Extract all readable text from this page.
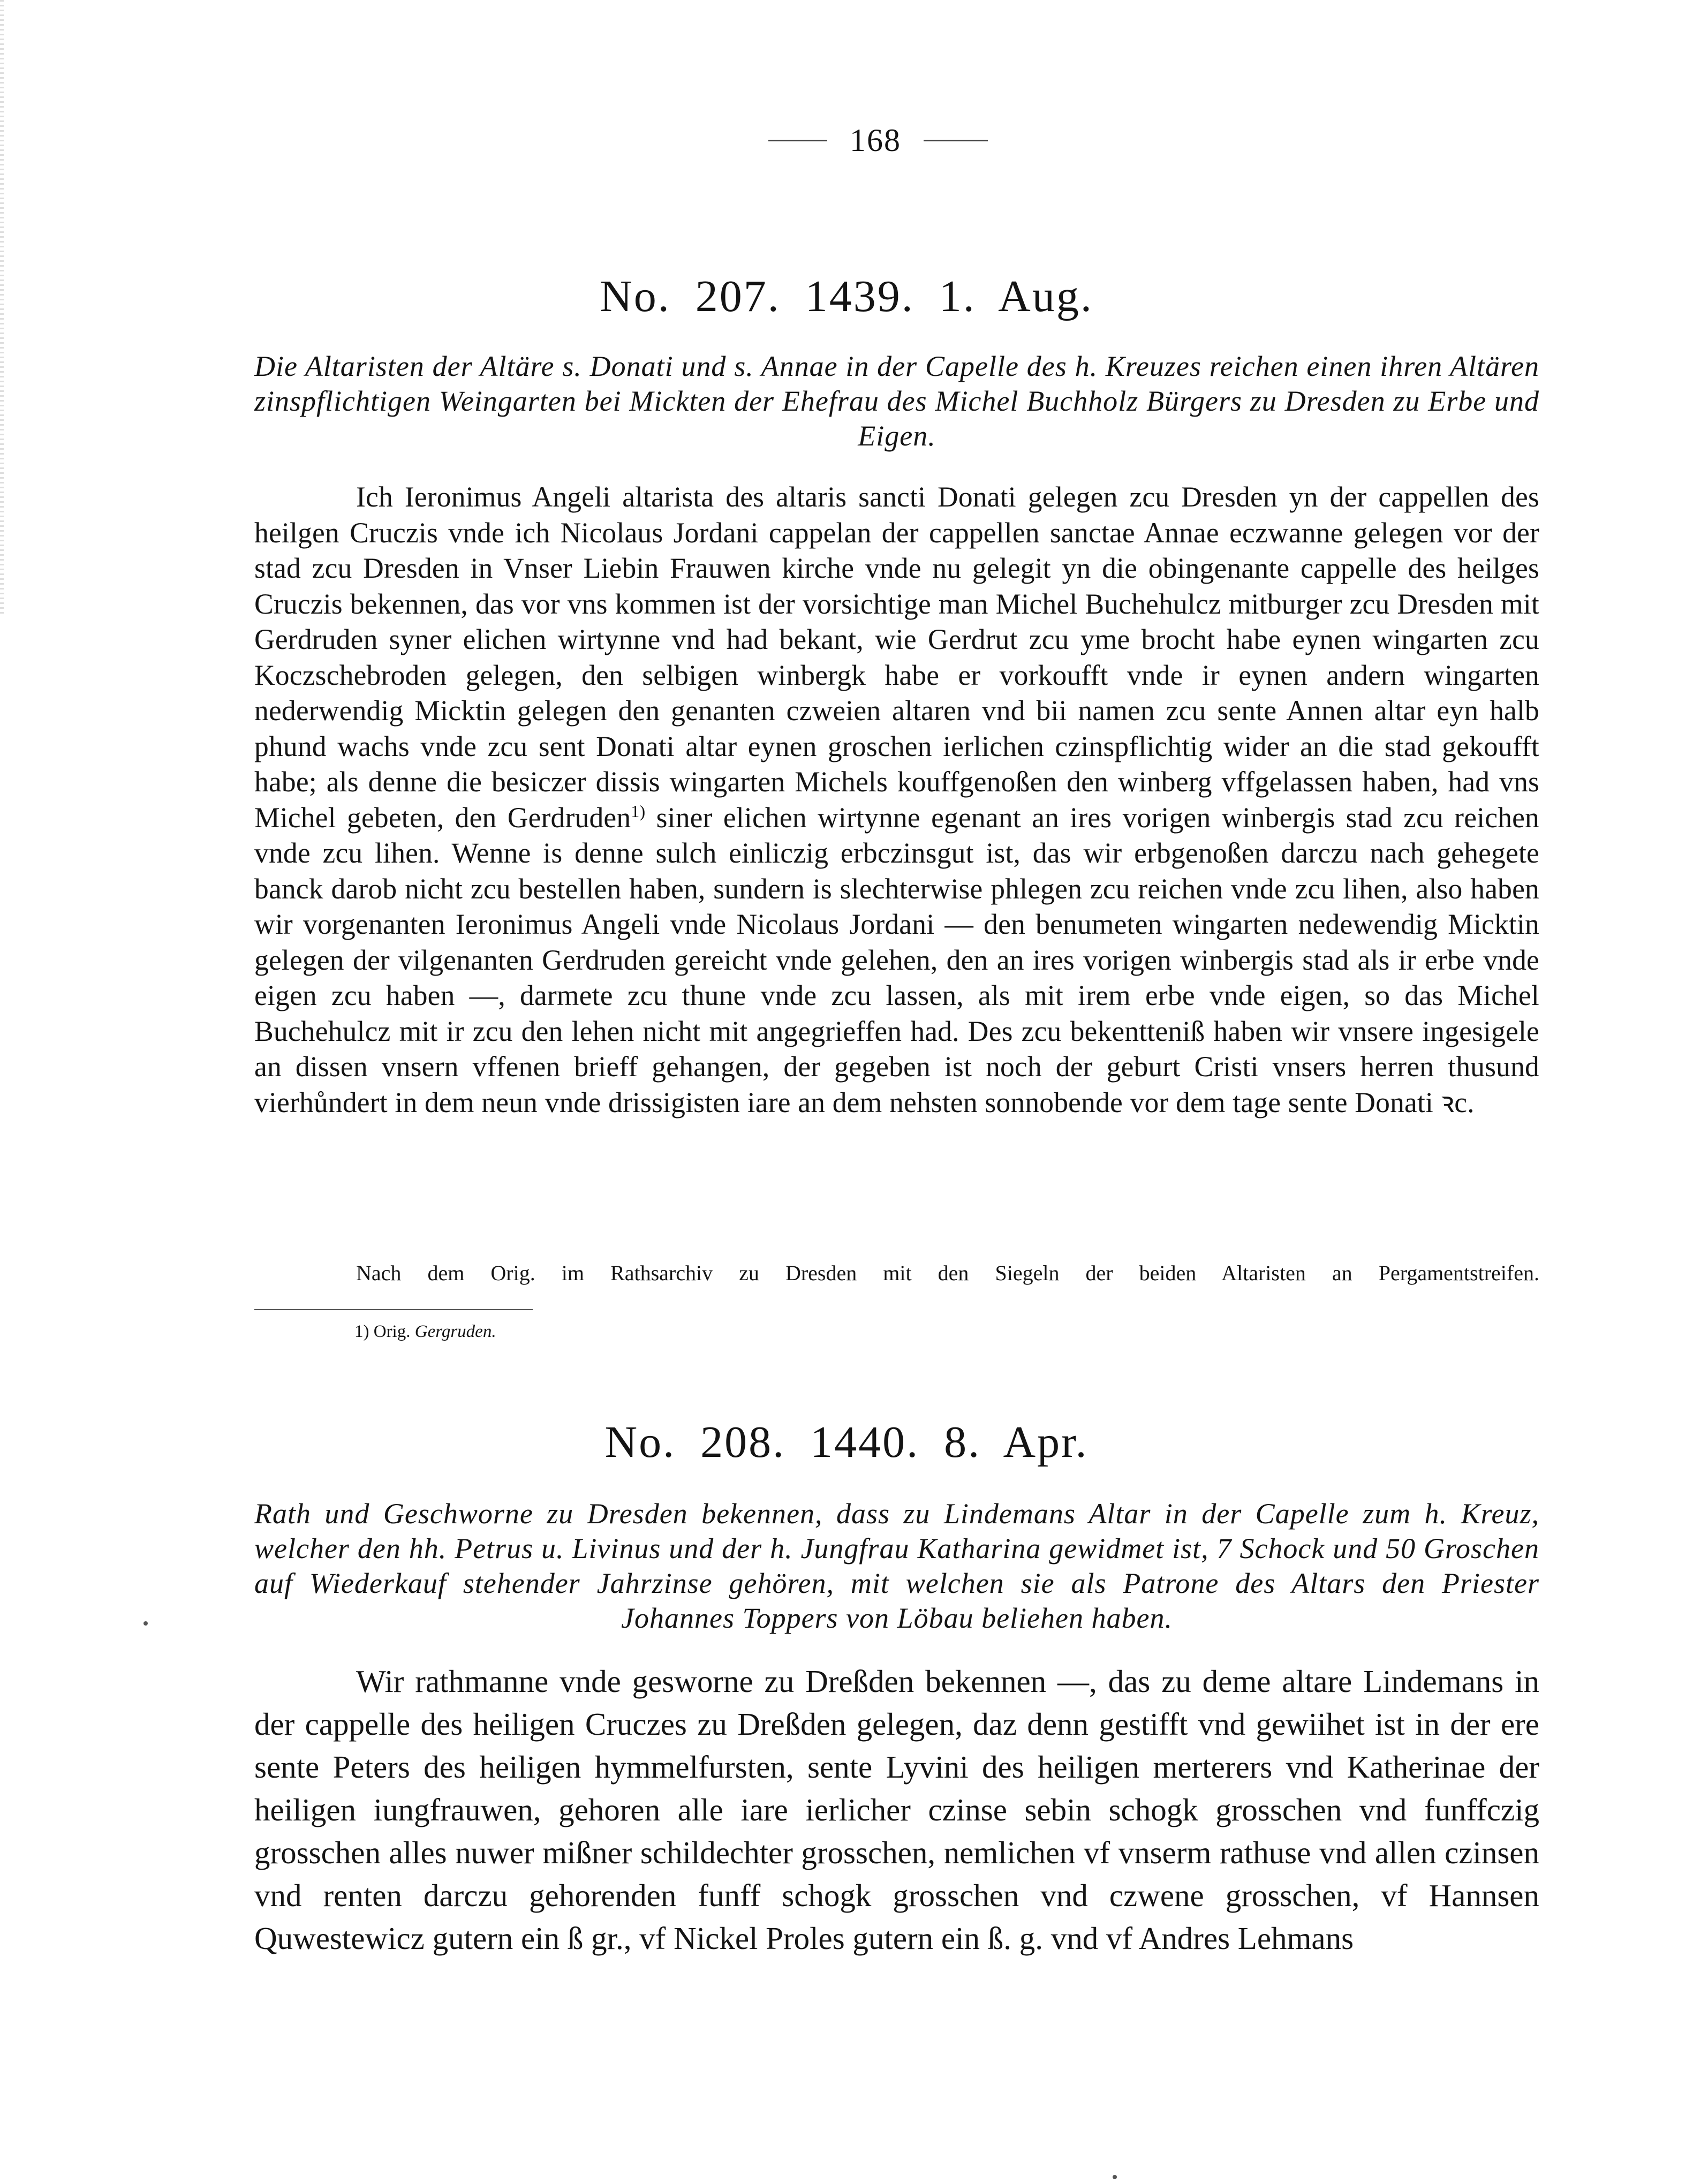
168
No. 207. 1439. 1. Aug.
Die Altaristen der Altäre s. Donati und s. Annae in der Capelle des h. Kreuzes reichen einen ihren Altären zinspflichtigen Weingarten bei Mickten der Ehefrau des Michel Buchholz Bürgers zu Dresden zu Erbe und Eigen.
Ich Ieronimus Angeli altarista des altaris sancti Donati gelegen zcu Dresden yn der cappellen des heilgen Cruczis vnde ich Nicolaus Jordani cappelan der cappellen sanctae Annae eczwanne gelegen vor der stad zcu Dresden in Vnser Liebin Frauwen kirche vnde nu gelegit yn die obingenante cappelle des heilges Cruczis bekennen, das vor vns kommen ist der vorsichtige man Michel Buchehulcz mitburger zcu Dresden mit Gerdruden syner elichen wirtynne vnd had bekant, wie Gerdrut zcu yme brocht habe eynen wingarten zcu Koczschebroden gelegen, den selbigen winbergk habe er vorkoufft vnde ir eynen andern wingarten nederwendig Micktin gelegen den genanten czweien altaren vnd bii namen zcu sente Annen altar eyn halb phund wachs vnde zcu sent Donati altar eynen groschen ierlichen czinspflichtig wider an die stad gekoufft habe; als denne die besiczer dissis wingarten Michels kouffgenoßen den winberg vffgelassen haben, had vns Michel gebeten, den Gerdruden$^{1)}$ siner elichen wirtynne egenant an ires vorigen winbergis stad zcu reichen vnde zcu lihen. Wenne is denne sulch einliczig erbczinsgut ist, das wir erbgenoßen darczu nach gehegete banck darob nicht zcu bestellen haben, sundern is slechterwise phlegen zcu reichen vnde zcu lihen, also haben wir vorgenanten Ieronimus Angeli vnde Nicolaus Jordani — den benumeten wingarten nedewendig Micktin gelegen der vilgenanten Gerdruden gereicht vnde gelehen, den an ires vorigen winbergis stad als ir erbe vnde eigen zcu haben —, darmete zcu thune vnde zcu lassen, als mit irem erbe vnde eigen, so das Michel Buchehulcz mit ir zcu den lehen nicht mit angegrieffen had. Des zcu bekentteniß haben wir vnsere ingesigele an dissen vnsern vffenen brieff gehangen, der gegeben ist noch der geburt Cristi vnsers herren thusund vierhůndert in dem neun vnde drissigisten iare an dem nehsten sonnobende vor dem tage sente Donati ꝛc.
Nach dem Orig. im Rathsarchiv zu Dresden mit den Siegeln der beiden Altaristen an Pergamentstreifen.
1) Orig. Gergruden.
No. 208. 1440. 8. Apr.
Rath und Geschworne zu Dresden bekennen, dass zu Lindemans Altar in der Capelle zum h. Kreuz, welcher den hh. Petrus u. Livinus und der h. Jungfrau Katharina gewidmet ist, 7 Schock und 50 Groschen auf Wiederkauf stehender Jahrzinse gehören, mit welchen sie als Patrone des Altars den Priester Johannes Toppers von Löbau beliehen haben.
Wir rathmanne vnde gesworne zu Dreßden bekennen —, das zu deme altare Lindemans in der cappelle des heiligen Cruczes zu Dreßden gelegen, daz denn gestifft vnd gewiihet ist in der ere sente Peters des heiligen hymmelfursten, sente Lyvini des heiligen merterers vnd Katherinae der heiligen iungfrauwen, gehoren alle iare ierlicher czinse sebin schogk grosschen vnd funffczig grosschen alles nuwer mißner schildechter grosschen, nemlichen vf vnserm rathuse vnd allen czinsen vnd renten darczu gehorenden funff schogk grosschen vnd czwene grosschen, vf Hannsen Quwestewicz gutern ein ß gr., vf Nickel Proles gutern ein ß. g. vnd vf Andres Lehmans
